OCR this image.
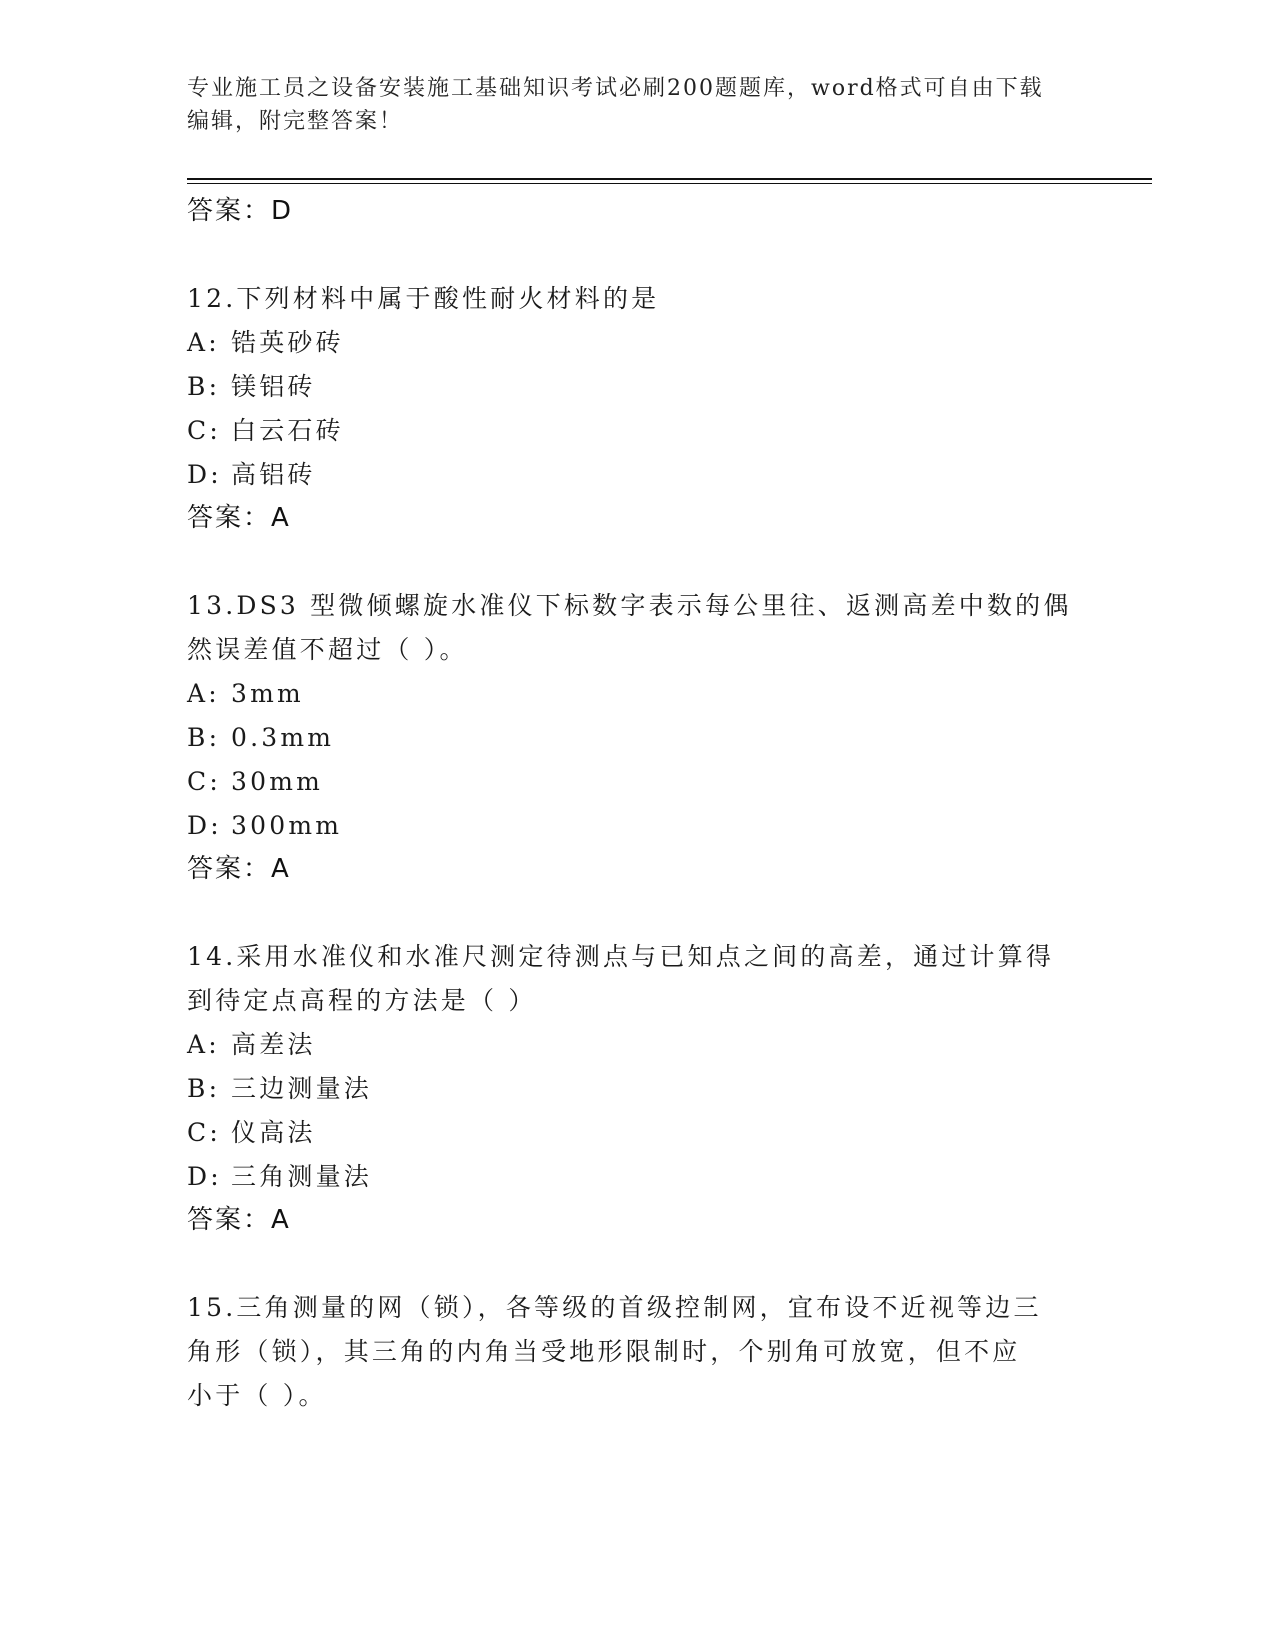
专业施工员之设备安装施工基础知识考试必刷200题题库，word格式可自由下载编辑，附完整答案！
答案：D
12.下列材料中属于酸性耐火材料的是
A: 锆英砂砖
B: 镁铝砖
C: 白云石砖
D: 高铝砖
答案：A
13.DS3 型微倾螺旋水准仪下标数字表示每公里往、返测高差中数的偶
然误差值不超过（ ）。
A: 3mm
B: 0.3mm
C: 30mm
D: 300mm
答案：A
14.采用水准仪和水准尺测定待测点与已知点之间的高差，通过计算得
到待定点高程的方法是（ ）
A: 高差法
B: 三边测量法
C: 仪高法
D: 三角测量法
答案：A
15.三角测量的网（锁），各等级的首级控制网，宜布设不近视等边三
角形（锁），其三角的内角当受地形限制时，个别角可放宽，但不应
小于（ ）。
